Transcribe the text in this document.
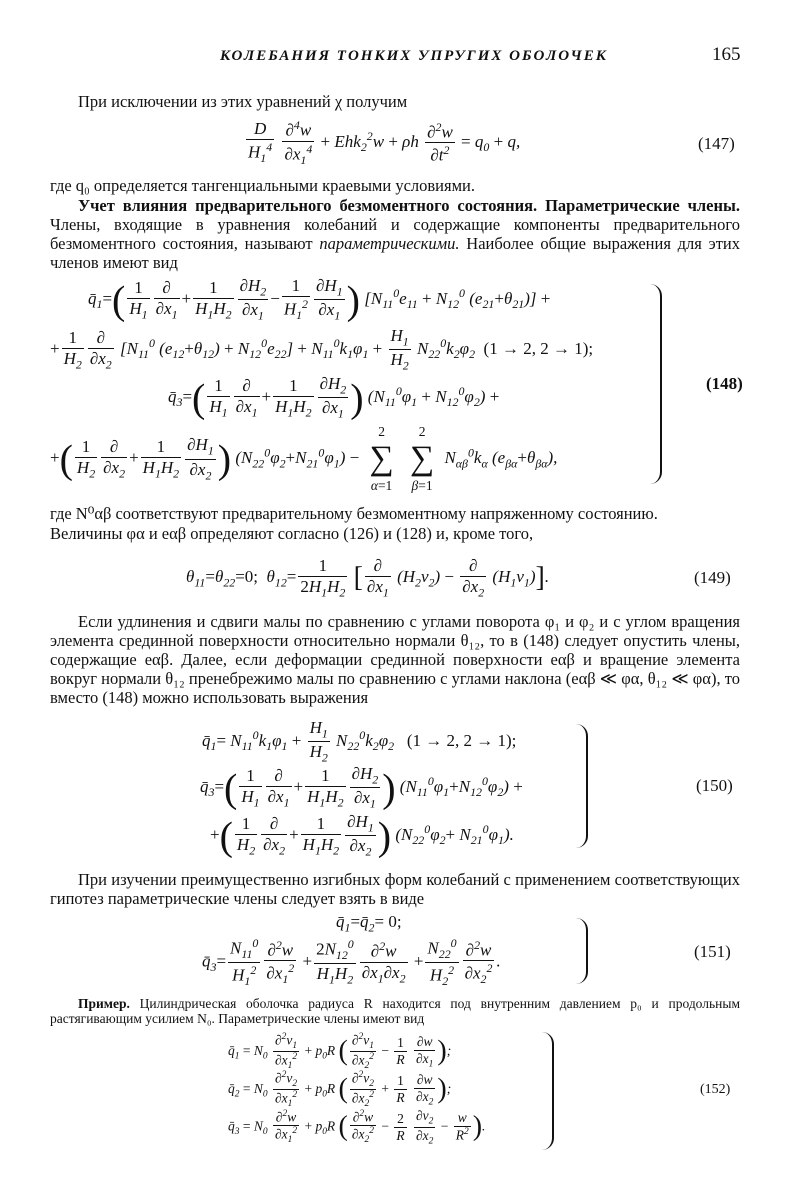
КОЛЕБАНИЯ ТОНКИХ УПРУГИХ ОБОЛОЧЕК	165
При исключении из этих уравнений χ получим
$\frac{D}{H_1^4}$
$\frac{\partial^4w}{\partial x_1^4} + Ehk_2^2w + \rho h \frac{\partial^2w}{\partial t^2} = q_0 + q$,	(147)
где q₀ определяется тангенциальными краевыми условиями.
Учет влияния предварительного безмоментного состояния. Параметрические члены. Члены, входящие в уравнения колебаний и содержащие компоненты предварительного безмоментного состояния, называют параметрическими. Наиболее общие выражения для этих членов имеют вид
$q̄_1=( \frac{1}{H_1} \frac{\partial}{\partial x_1} + \frac{1}{H_1H_2} \frac{\partial H_2}{\partial x_1} - \frac{1}{H_1^2} \frac{\partial H_1}{\partial x_1}$ ) [$N_{11}^0e_{11} + N_{12}^0$ $(e_{21}+\theta_{21})$] +
+ $\frac{1}{H_2} \frac{\partial}{\partial x_2} [N_{11}^0$ $(e_{12}+\theta_{12}) + N_{12}^0e_{22}] + N_{11}^0k_1\varphi_1 + \frac{H_1}{H_2} N_{22}^0k_2\varphi_2$  (1 → 2, 2 → 1);
$q̄_3=( \frac{1}{H_1} \frac{\partial}{\partial x_1} + \frac{1}{H_1H_2} \frac{\partial H_2}{\partial x_1}$ ) $(N_{11}^0\varphi_1 + N_{12}^0\varphi_2)$ +
+( $\frac{1}{H_2} \frac{\partial}{\partial x_2} + \frac{1}{H_1H_2} \frac{\partial H_1}{\partial x_2}$ ) $(N_{22}^0\varphi_2+N_{21}^0\varphi_1)$ −
2
∑
α=1

2
∑
β=1
$N_{\alpha\beta}^0k_\alpha$ $(e_{\beta\alpha}+\theta_{\beta\alpha})$,
(148)
где N⁰αβ соответствуют предварительному безмоментному напряженному состоянию.
Величины φα и eαβ определяют согласно (126) и (128) и, кроме того,
$\theta_{11}=\theta_{22}=0$;  $\theta_{12}= \frac{1}{2H_1H_2}$ [ $\frac{\partial}{\partial x_1} (H_2v_2) - \frac{\partial}{\partial x_2} (H_1v_1)$].	(149)
Если удлинения и сдвиги малы по сравнению с углами поворота φ₁ и φ₂ и с углом вращения элемента срединной поверхности относительно нормали θ₁₂, то в (148) следует опустить члены, содержащие eαβ. Далее, если деформации срединной поверхности eαβ и вращение элемента вокруг нормали θ₁₂ пренебрежимо малы по сравнению с углами наклона (eαβ ≪ φα, θ₁₂ ≪ φα), то вместо (148) можно использовать выражения
$q̄_1= N_{11}^0k_1\varphi_1 + \frac{H_1}{H_2} N_{22}^0k_2\varphi_2$   (1 → 2, 2 → 1);
$q̄_3=( \frac{1}{H_1} \frac{\partial}{\partial x_1} + \frac{1}{H_1H_2} \frac{\partial H_2}{\partial x_1}$ ) $(N_{11}^0\varphi_1+N_{12}^0\varphi_2)$ +
+( $\frac{1}{H_2} \frac{\partial}{\partial x_2} + \frac{1}{H_1H_2} \frac{\partial H_1}{\partial x_2}$ ) $(N_{22}^0\varphi_2+ N_{21}^0\varphi_1)$.
(150)
При изучении преимущественно изгибных форм колебаний с применением соответствующих гипотез параметрические члены следует взять в виде
$q̄_1=q̄_2= 0$;
$q̄_3= \frac{N_{11}^0}{H_1^2} \frac{\partial^2w}{\partial x_1^2} + \frac{2N_{12}^0}{H_1H_2} \frac{\partial^2w}{\partial x_1\partial x_2} + \frac{N_{22}^0}{H_2^2} \frac{\partial^2w}{\partial x_2^2}$ .	(151)
Пример. Цилиндрическая оболочка радиуса R находится под внутренним давлением p₀ и продольным растягивающим усилием N₀. Параметрические члены имеют вид
$q̄_1 = N_0 \frac{\partial^2v_1}{\partial x_1^2} + p_0R$ ( $\frac{\partial^2v_1}{\partial x_2^2} - \frac{1}{R}$
$\frac{\partial w}{\partial x_1}$ );
$q̄_2 = N_0 \frac{\partial^2v_2}{\partial x_1^2} + p_0R$ ( $\frac{\partial^2v_2}{\partial x_2^2} + \frac{1}{R}$
$\frac{\partial w}{\partial x_2}$ );
$q̄_3 = N_0 \frac{\partial^2w}{\partial x_1^2} + p_0R$ ( $\frac{\partial^2w}{\partial x_2^2} - \frac{2}{R}$
$\frac{\partial v_2}{\partial x_2} - \frac{w}{R^2}$ ).
(152)
